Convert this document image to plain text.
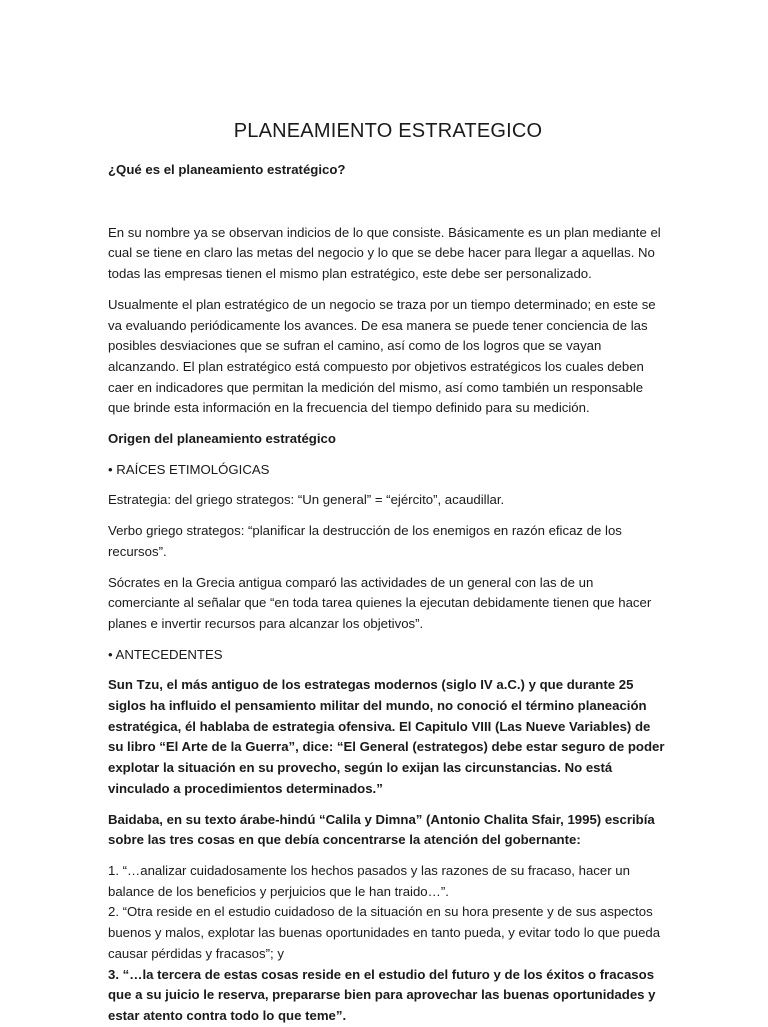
PLANEAMIENTO ESTRATEGICO

¿Qué es el planeamiento estratégico?

En su nombre ya se observan indicios de lo que consiste. Básicamente es un plan mediante el cual se tiene en claro las metas del negocio y lo que se debe hacer para llegar a aquellas. No todas las empresas tienen el mismo plan estratégico, este debe ser personalizado.

Usualmente el plan estratégico de un negocio se traza por un tiempo determinado; en este se va evaluando periódicamente los avances. De esa manera se puede tener conciencia de las posibles desviaciones que se sufran el camino, así como de los logros que se vayan alcanzando. El plan estratégico está compuesto por objetivos estratégicos los cuales deben caer en indicadores que permitan la medición del mismo, así como también un responsable que brinde esta información en la frecuencia del tiempo definido para su medición.

Origen del planeamiento estratégico

• RAÍCES ETIMOLÓGICAS

Estrategia: del griego strategos: “Un general” = “ejército”, acaudillar.

Verbo griego strategos: “planificar la destrucción de los enemigos en razón eficaz de los recursos”.

Sócrates en la Grecia antigua comparó las actividades de un general con las de un comerciante al señalar que “en toda tarea quienes la ejecutan debidamente tienen que hacer planes e invertir recursos para alcanzar los objetivos”.

• ANTECEDENTES

Sun Tzu, el más antiguo de los estrategas modernos (siglo IV a.C.) y que durante 25 siglos ha influido el pensamiento militar del mundo, no conoció el término planeación estratégica, él hablaba de estrategia ofensiva. El Capitulo VIII (Las Nueve Variables) de su libro “El Arte de la Guerra”, dice: “El General (estrategos) debe estar seguro de poder explotar la situación en su provecho, según lo exijan las circunstancias. No está vinculado a procedimientos determinados.”

Baidaba, en su texto árabe-hindú “Calila y Dimna” (Antonio Chalita Sfair, 1995) escribía sobre las tres cosas en que debía concentrarse la atención del gobernante:

1. “…analizar cuidadosamente los hechos pasados y las razones de su fracaso, hacer un balance de los beneficios y perjuicios que le han traido…”.

2. “Otra reside en el estudio cuidadoso de la situación en su hora presente y de sus aspectos buenos y malos, explotar las buenas oportunidades en tanto pueda, y evitar todo lo que pueda causar pérdidas y fracasos”; y

3. “…la tercera de estas cosas reside en el estudio del futuro y de los éxitos o fracasos que a su juicio le reserva, prepararse bien para aprovechar las buenas oportunidades y estar atento contra todo lo que teme”.
